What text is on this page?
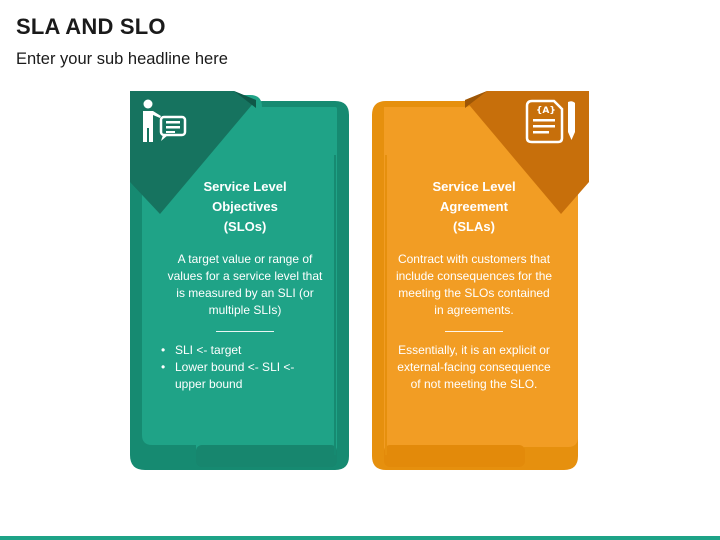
SLA AND SLO
Enter your sub headline here
{A}
Service Level
Objectives
(SLOs)
A target value or range of values for a service level that is measured by an SLI (or multiple SLIs)
• SLI <- target
• Lower bound <- SLI <- upper bound
Service Level
Agreement
(SLAs)
Contract with customers that include consequences for the meeting the SLOs contained in agreements.
Essentially, it is an explicit or external-facing consequence of not meeting the SLO.
